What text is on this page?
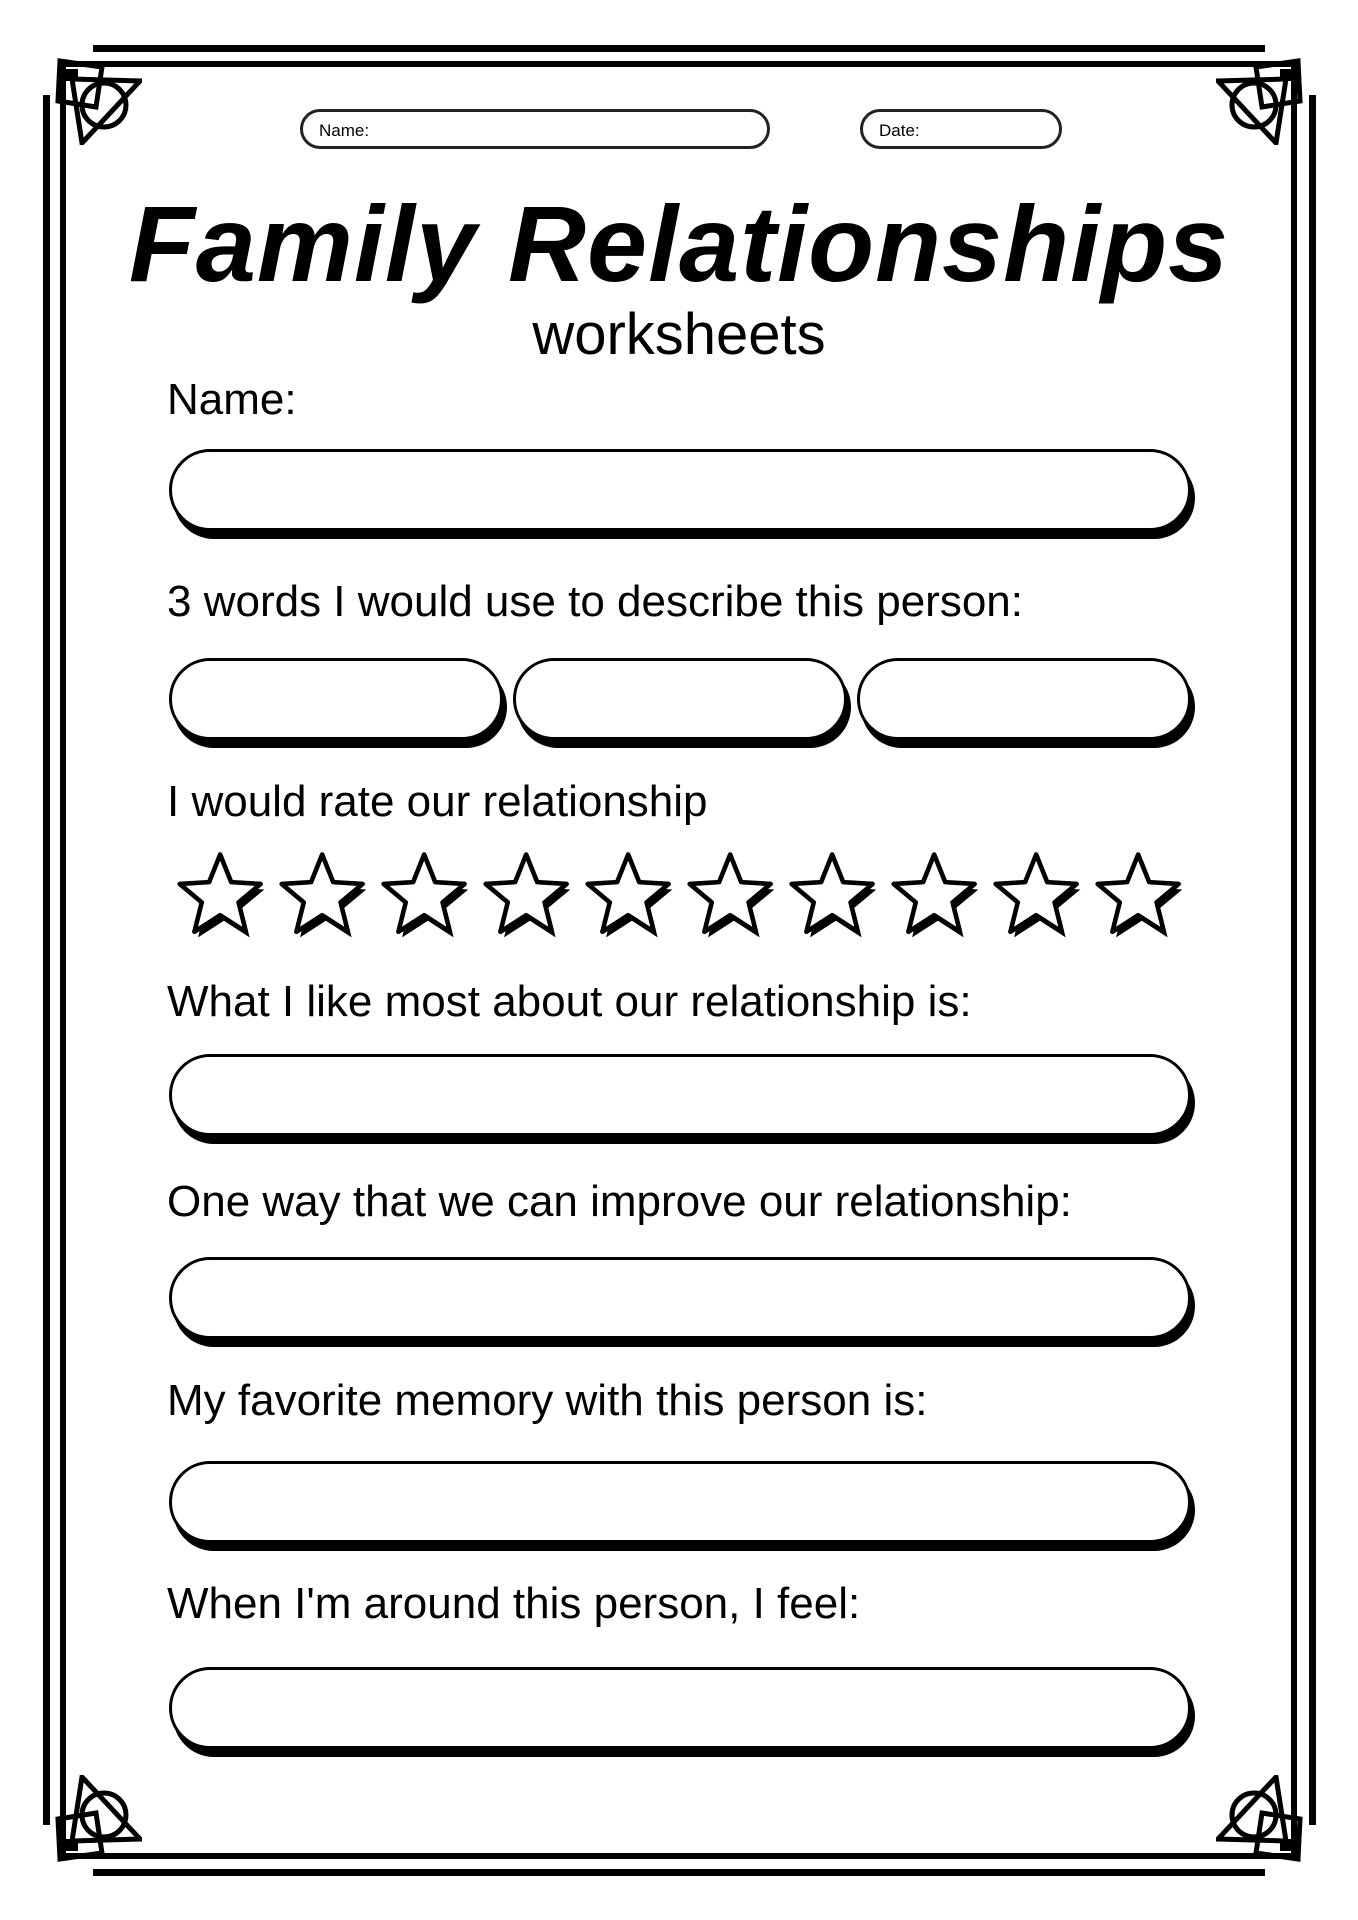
Name:	Date:
Family Relationships
worksheets
Name:
3 words I would use to describe this person:
I would rate our relationship
What I like most about our relationship is:
One way that we can improve our relationship:
My favorite memory with this person is:
When I'm around this person, I feel:
